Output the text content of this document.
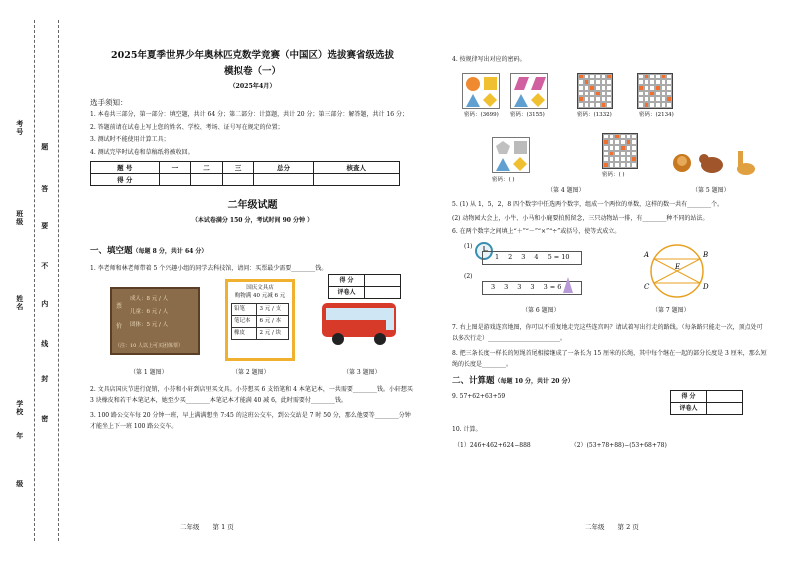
考号
班级
姓名
学校
年
级
题
答
要
不
内
线
封
密
2025年夏季世界少年奥林匹克数学竞赛（中国区）选拔赛省级选拔
模拟卷（一）
（2025年4月）
选手须知：

1. 本卷共三部分，第一部分：填空题，共计 64 分；第二部分：计算题，共计 20 分；第三部分：解答题，共计 16 分；

2. 答题前请在试卷上写上您的姓名、学校、考场、证号写在规定的位置；

3. 测试时不能使用计算工具；

4. 测试完毕时试卷和草稿纸将被收回。

题 号	一	二	三	总分	核查人
得 分					
二年级试题
（本试卷满分 150 分，考试时间 90 分钟 ）
得 分	
评卷人	
一、填空题（每题 8 分，共计 64 分）

1. 李老师和林老师带着 5 个兴趣小组的同学去科技馆，请问：买票最少需要________钱。

票
价
成人：8 元 / 人
儿童：6 元 / 人
团体：5 元 / 人
（注：10 人以上可买团体票）
国庆文具店
购物满 40 元减 6 元
铅笔	3 元 / 支
笔记本	6 元 / 本
橡皮	2 元 / 块
（第 1 题图）	（第 2 题图）	（第 3 题图）

2. 文具店国庆节进行促销，小芬和小轩到店里买文具。小芬想买 6 支铅笔和 4 本笔记本，一共需要________钱。小轩想买 3 块橡皮和若干本笔记本，她至少买________本笔记本才能满 40 减 6，此时需要付________钱。

3. 100 路公交车每 20 分钟一班，早上满满想坐 7:45 的这班公交车，到公交站是 7 时 50 分，那么他要等________分钟才能坐上下一班 100 路公交车。

二年级　　第 1 页

4. 按规律写出对应的密码。

密码：(3699) 密码：(3155)	密码：(1332)	密码：(2134)
密码：( )
密码：( )
（第 4 题图）	（第 5 题图）

5. (1) 从 1，5，2，8 四个数字中任选两个数字，组成一个两位的单数，这样的数一共有________个。

(2) 动物园大会上，小牛、小马和小鹿要拍照留念，三只动物站一排，有________种不同的站法。

6. 在两个数字之间填上“＋”“－”“×”“÷”或括号，使等式成立。

(1)
1 2 3 4 5 = 10
(2)
3 3 3 3 3 = 6
A	B
C	D
E
（第 6 题图）	（第 7 题图）

7. 右上图是游戏连宫地图，你可以不重复地走完这些连宫吗？请试着写出行走的路线。（每条路只能走一次，顶点处可以多次行走）________________________。

8. 把三条长度一样长的短绳首尾相接继成了一条长为 15 厘米的长绳，其中每个继在一起的部分长度是 3 厘米，那么短绳的长度是________。

得 分	
评卷人	
二、计算题（每题 10 分，共计 20 分）

9. 57+62+63+59

10. 计算。

（1）246+462+624−888	（2）(53+78+88)−(53+68+78)
二年级　　第 2 页
